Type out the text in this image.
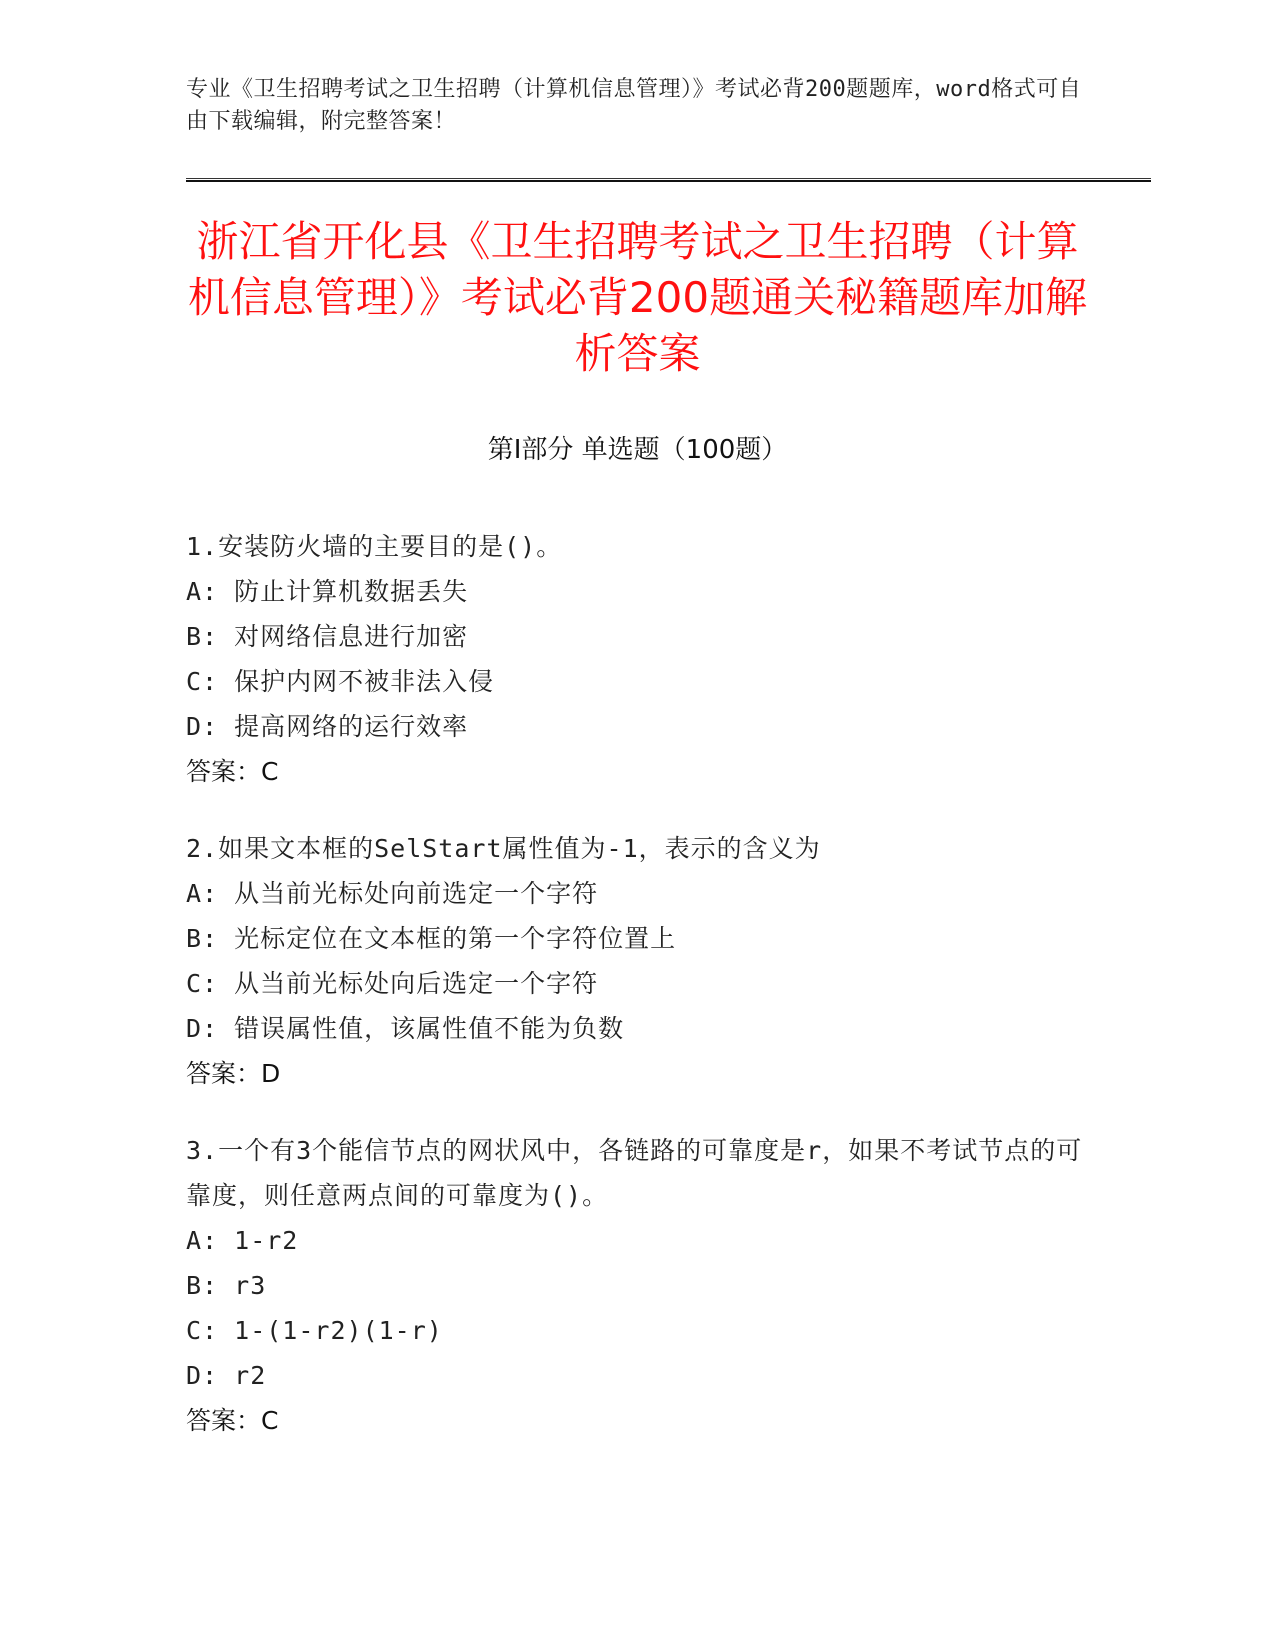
专业《卫生招聘考试之卫生招聘（计算机信息管理）》考试必背200题题库，word格式可自由下载编辑，附完整答案！
浙江省开化县《卫生招聘考试之卫生招聘（计算机信息管理）》考试必背200题通关秘籍题库加解析答案
第Ⅰ部分 单选题（100题）
1.安装防火墙的主要目的是()。
A: 防止计算机数据丢失
B: 对网络信息进行加密
C: 保护内网不被非法入侵
D: 提高网络的运行效率
答案：C
2.如果文本框的SelStart属性值为-1，表示的含义为
A: 从当前光标处向前选定一个字符
B: 光标定位在文本框的第一个字符位置上
C: 从当前光标处向后选定一个字符
D: 错误属性值，该属性值不能为负数
答案：D
3.一个有3个能信节点的网状风中，各链路的可靠度是r，如果不考试节点的可靠度，则任意两点间的可靠度为()。
A: 1-r2
B: r3
C: 1-(1-r2)(1-r)
D: r2
答案：C
